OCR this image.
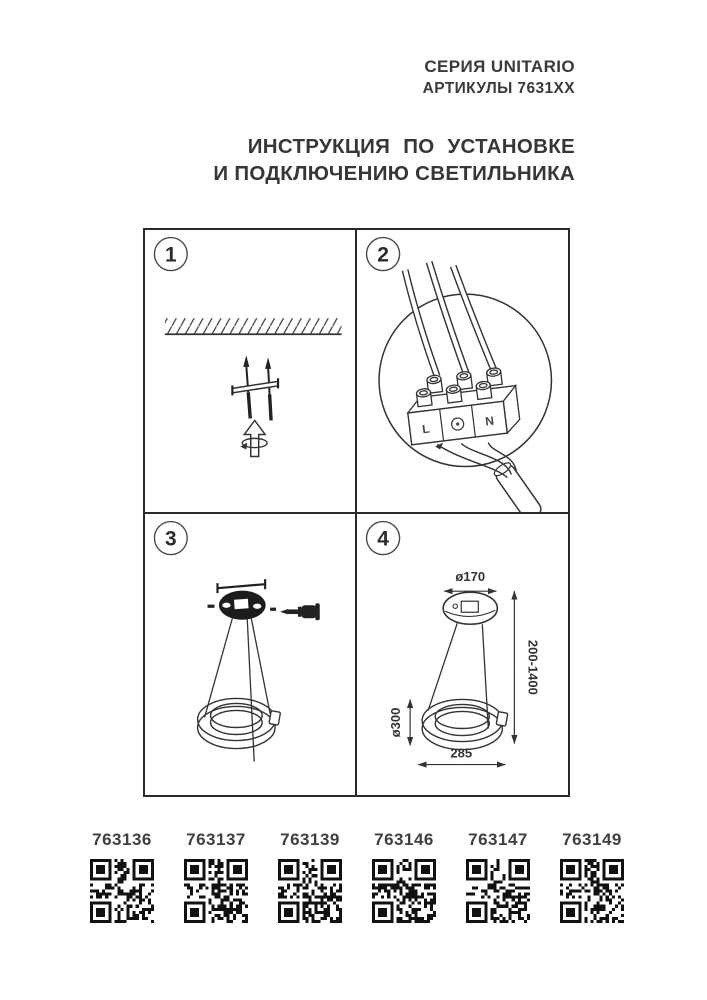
СЕРИЯ UNITARIO
АРТИКУЛЫ 7631XX
ИНСТРУКЦИЯ ПО УСТАНОВКЕ
И ПОДКЛЮЧЕНИЮ СВЕТИЛЬНИКА
1	2
L
N
3	4
ø170
200-1400
ø300
285
763136	763137	763139	763146	763147	763149
